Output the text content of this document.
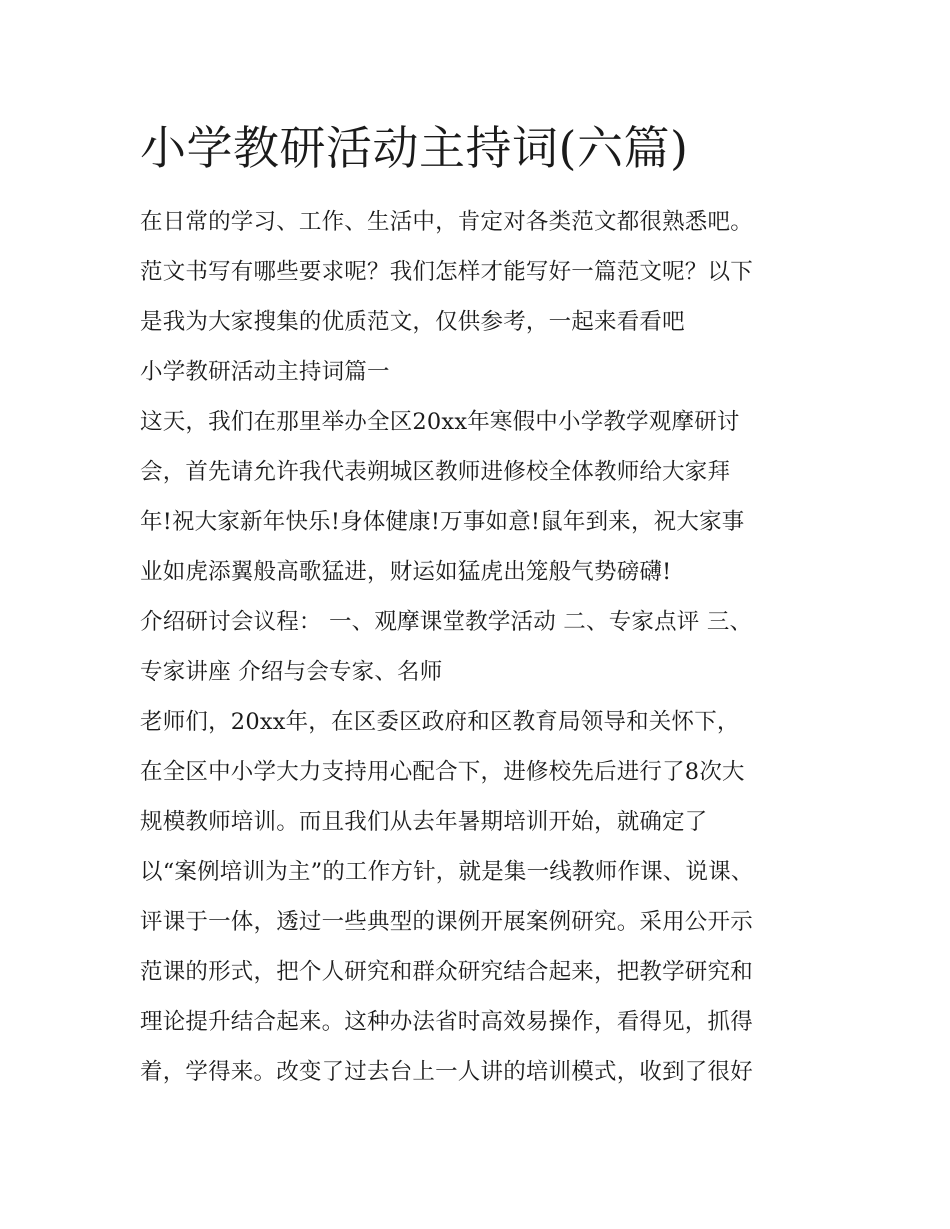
小学教研活动主持词(六篇)
在日常的学习、工作、生活中，肯定对各类范文都很熟悉吧。
范文书写有哪些要求呢？我们怎样才能写好一篇范文呢？以下
是我为大家搜集的优质范文，仅供参考，一起来看看吧
小学教研活动主持词篇一
这天，我们在那里举办全区20xx年寒假中小学教学观摩研讨
会，首先请允许我代表朔城区教师进修校全体教师给大家拜
年!祝大家新年快乐!身体健康!万事如意!鼠年到来，祝大家事
业如虎添翼般高歌猛进，财运如猛虎出笼般气势磅礴!
介绍研讨会议程： 一、观摩课堂教学活动 二、专家点评 三、
专家讲座 介绍与会专家、名师
老师们，20xx年，在区委区政府和区教育局领导和关怀下，
在全区中小学大力支持用心配合下，进修校先后进行了8次大
规模教师培训。而且我们从去年暑期培训开始，就确定了
以“案例培训为主”的工作方针，就是集一线教师作课、说课、
评课于一体，透过一些典型的课例开展案例研究。采用公开示
范课的形式，把个人研究和群众研究结合起来，把教学研究和
理论提升结合起来。这种办法省时高效易操作，看得见，抓得
着，学得来。改变了过去台上一人讲的培训模式，收到了很好
